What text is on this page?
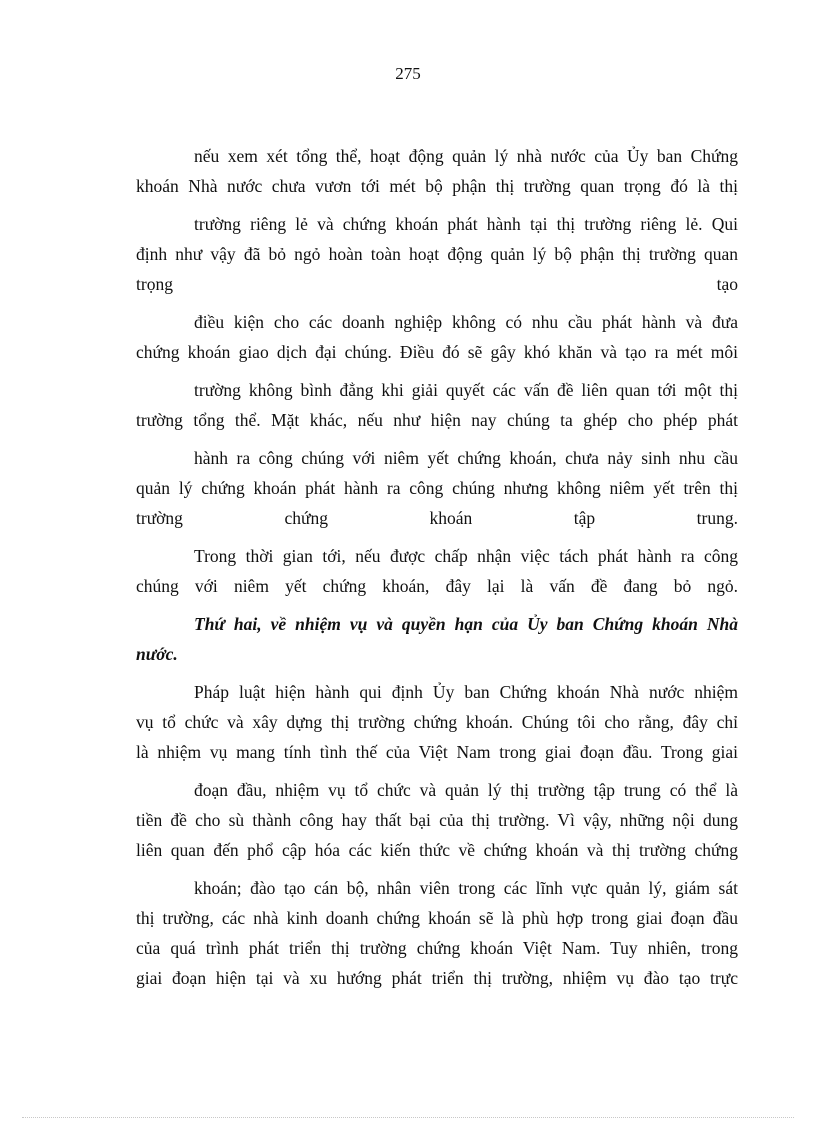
275
nếu xem xét tổng thể, hoạt động quản lý nhà nước của Ủy ban Chứng
khoán Nhà nước chưa vươn tới mét bộ phận thị trường quan trọng đó là thị
trường riêng lẻ và chứng khoán phát hành tại thị trường riêng lẻ. Qui
định như vậy đã bỏ ngỏ hoàn toàn hoạt động quản lý bộ phận thị trường quan
trọng tạo
điều kiện cho các doanh nghiệp không có nhu cầu phát hành và đưa
chứng khoán giao dịch đại chúng. Điều đó sẽ gây khó khăn và tạo ra mét môi
trường không bình đẳng khi giải quyết các vấn đề liên quan tới một thị
trường tổng thể. Mặt khác, nếu như hiện nay chúng ta ghép cho phép phát
hành ra công chúng với niêm yết chứng khoán, chưa nảy sinh nhu cầu
quản lý chứng khoán phát hành ra công chúng nhưng không niêm yết trên thị
trường chứng khoán tập trung.
Trong thời gian tới, nếu được chấp nhận việc tách phát hành ra công
chúng với niêm yết chứng khoán, đây lại là vấn đề đang bỏ ngỏ.
Thứ hai, về nhiệm vụ và quyền hạn của Ủy ban Chứng khoán Nhà
nước.
Pháp luật hiện hành qui định Ủy ban Chứng khoán Nhà nước nhiệm
vụ tổ chức và xây dựng thị trường chứng khoán. Chúng tôi cho rằng, đây chỉ
là nhiệm vụ mang tính tình thế của Việt Nam trong giai đoạn đầu. Trong giai
đoạn đầu, nhiệm vụ tổ chức và quản lý thị trường tập trung có thể là
tiền đề cho sù thành công hay thất bại của thị trường. Vì vậy, những nội dung
liên quan đến phổ cập hóa các kiến thức về chứng khoán và thị trường chứng
khoán; đào tạo cán bộ, nhân viên trong các lĩnh vực quản lý, giám sát
thị trường, các nhà kinh doanh chứng khoán sẽ là phù hợp trong giai đoạn đầu
của quá trình phát triển thị trường chứng khoán Việt Nam. Tuy nhiên, trong
giai đoạn hiện tại và xu hướng phát triển thị trường, nhiệm vụ đào tạo trực
